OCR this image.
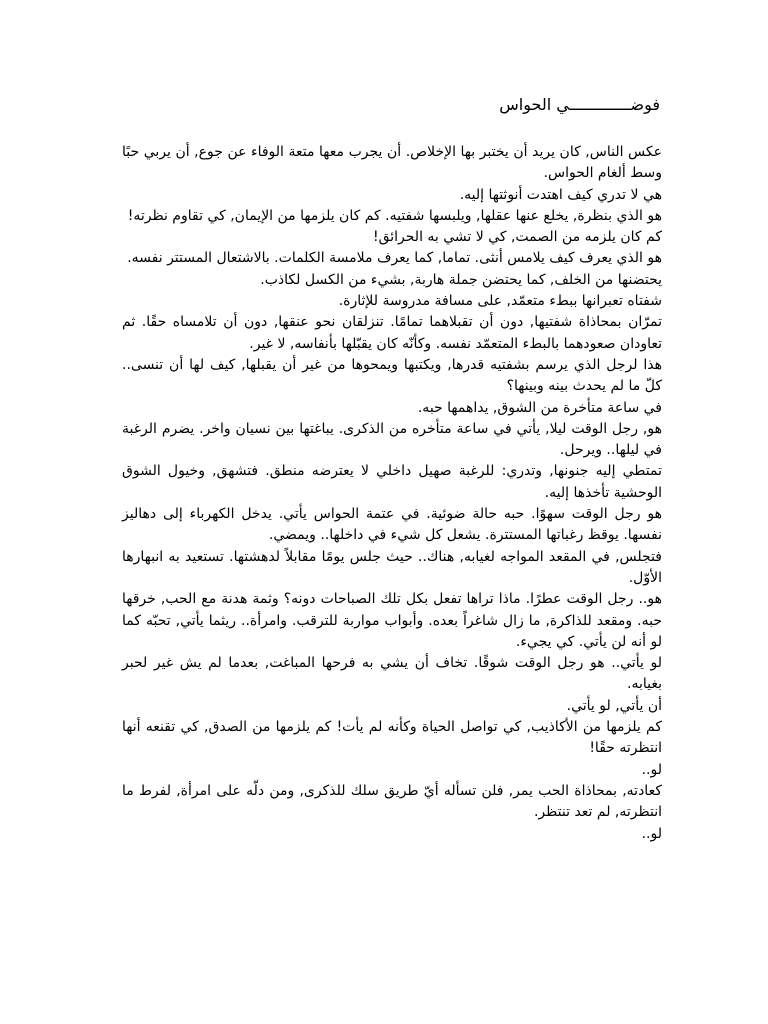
فوضـــــــــــــي الحواس

عكس الناس, كان يريد أن يختبر بها الإخلاص. أن يجرب معها متعة الوفاء عن جوع, أن يربي حبًا وسط ألغام الحواس.

هي لا تدري كيف اهتدت أنوثتها إليه.

هو الذي بنظرة, يخلع عنها عقلها, ويلبسها شفتيه. كم كان يلزمها من الإيمان, كي تقاوم نظرته!

كم كان يلزمه من الصمت, كي لا تشي به الحرائق!

هو الذي يعرف كيف يلامس أنثى. تماما, كما يعرف ملامسة الكلمات. بالاشتعال المستتر نفسه.

يحتضنها من الخلف, كما يحتضن جملة هاربة, بشيء من الكسل لكاذب.

شفتاه تعبرانها ببطء متعمّد, على مسافة مدروسة للإثارة.

تمرّان بمحاذاة شفتيها, دون أن تقبلاهما تمامًا. تنزلقان نحو عنقها, دون أن تلامساه حقًا. ثم تعاودان صعودهما بالبطء المتعمّد نفسه. وكأنّه كان يقبّلها بأنفاسه, لا غير.

هذا لرجل الذي يرسم بشفتيه قدرها, ويكتبها ويمحوها من غير أن يقبلها, كيف لها أن تنسى.. كلّ ما لم يحدث بينه وبينها؟

في ساعة متأخرة من الشوق, يداهمها حبه.

هو, رجل الوقت ليلا, يأتي في ساعة متأخره من الذكرى. يباغتها بين نسيان واخر. يضرم الرغبة في ليلها.. ويرحل.

تمتطي إليه جنونها, وتدري: للرغبة صهيل داخلي لا يعترضه منطق. فتشهق, وخيول الشوق الوحشية تأخذها إليه.

هو رجل الوقت سهوًا. حبه حالة ضوئية. في عتمة الحواس يأتي. يدخل الكهرباء إلى دهاليز نفسها. يوقظ رغباتها المستترة. يشعل كل شيء في داخلها.. ويمضي.

فتجلس, في المقعد المواجه لغيابه, هناك.. حيث جلس يومًا مقابلاً لدهشتها. تستعيد به انبهارها الأوّل.

هو.. رجل الوقت عطرًا. ماذا تراها تفعل بكل تلك الصباحات دونه؟ وثمة هدنة مع الحب, خرقها حبه. ومقعد للذاكرة, ما زال شاغراً بعده. وأبواب مواربة للترقب. وامرأة.. ريثما يأتي, تحبّه كما لو أنه لن يأتي. كي يجيء.

لو يأتي.. هو رجل الوقت شوقًا. تخاف أن يشي به فرحها المباغت, بعدما لم يش غير لحبر بغيابه.

أن يأتي, لو يأتي.

كم يلزمها من الأكاذيب, كي تواصل الحياة وكأنه لم يأت! كم يلزمها من الصدق, كي تقنعه أنها انتظرته حقًا!

لو..

كعادته, بمحاذاة الحب يمر, فلن تسأله أيّ طريق سلك للذكرى, ومن دلّه على امرأة, لفرط ما انتظرته, لم تعد تنتظر.

لو..
